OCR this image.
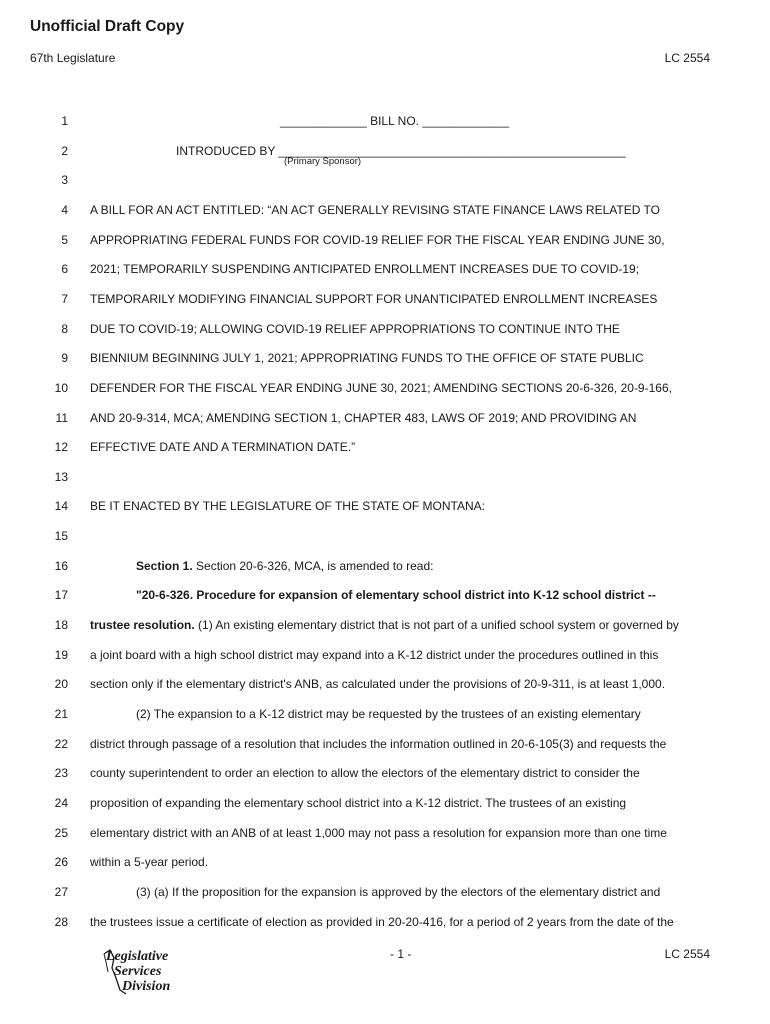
Unofficial Draft Copy
67th Legislature	LC 2554
1	_____________ BILL NO. _____________
2	INTRODUCED BY ____________________________________________________
3
4 A BILL FOR AN ACT ENTITLED: “AN ACT GENERALLY REVISING STATE FINANCE LAWS RELATED TO
5 APPROPRIATING FEDERAL FUNDS FOR COVID-19 RELIEF FOR THE FISCAL YEAR ENDING JUNE 30,
6 2021; TEMPORARILY SUSPENDING ANTICIPATED ENROLLMENT INCREASES DUE TO COVID-19;
7 TEMPORARILY MODIFYING FINANCIAL SUPPORT FOR UNANTICIPATED ENROLLMENT INCREASES
8 DUE TO COVID-19; ALLOWING COVID-19 RELIEF APPROPRIATIONS TO CONTINUE INTO THE
9 BIENNIUM BEGINNING JULY 1, 2021; APPROPRIATING FUNDS TO THE OFFICE OF STATE PUBLIC
10 DEFENDER FOR THE FISCAL YEAR ENDING JUNE 30, 2021; AMENDING SECTIONS 20-6-326, 20-9-166,
11 AND 20-9-314, MCA; AMENDING SECTION 1, CHAPTER 483, LAWS OF 2019; AND PROVIDING AN
12 EFFECTIVE DATE AND A TERMINATION DATE.”
13
14 BE IT ENACTED BY THE LEGISLATURE OF THE STATE OF MONTANA:
15
16	Section 1. Section 20-6-326, MCA, is amended to read:
17	"20-6-326. Procedure for expansion of elementary school district into K-12 school district --
18 trustee resolution. (1) An existing elementary district that is not part of a unified school system or governed by
19 a joint board with a high school district may expand into a K-12 district under the procedures outlined in this
20 section only if the elementary district's ANB, as calculated under the provisions of 20-9-311, is at least 1,000.
21	(2) The expansion to a K-12 district may be requested by the trustees of an existing elementary
22 district through passage of a resolution that includes the information outlined in 20-6-105(3) and requests the
23 county superintendent to order an election to allow the electors of the elementary district to consider the
24 proposition of expanding the elementary school district into a K-12 district. The trustees of an existing
25 elementary district with an ANB of at least 1,000 may not pass a resolution for expansion more than one time
26 within a 5-year period.
27	(3) (a) If the proposition for the expansion is approved by the electors of the elementary district and
28 the trustees issue a certificate of election as provided in 20-20-416, for a period of 2 years from the date of the
(Primary Sponsor)
- 1 -	LC 2554
Legislative
Services
Division
